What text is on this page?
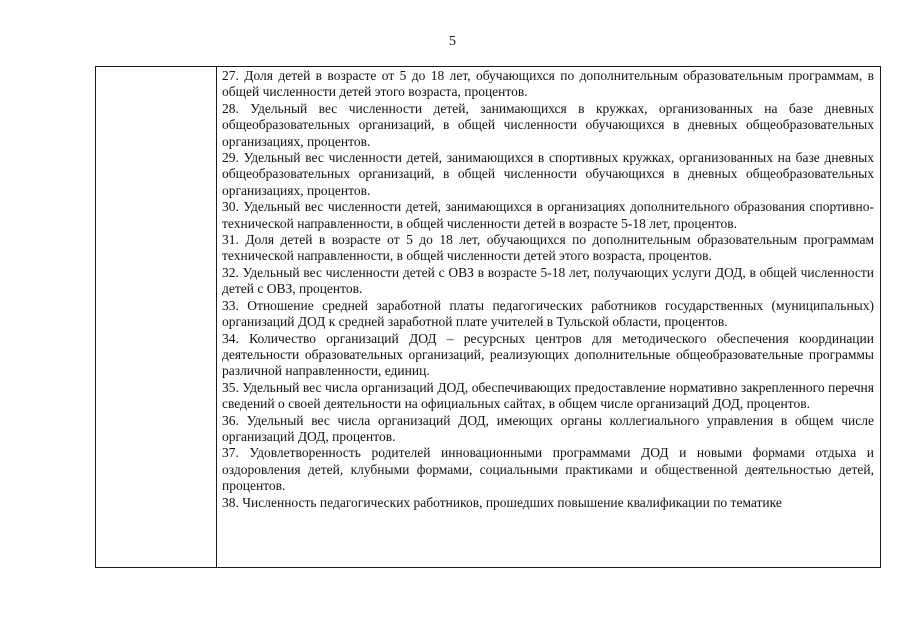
5

27. Доля детей в возрасте от 5 до 18 лет, обучающихся по дополнительным образовательным программам, в общей численности детей этого возраста, процентов.

28. Удельный вес численности детей, занимающихся в кружках, организованных на базе дневных общеобразовательных организаций, в общей численности обучающихся в дневных общеобразовательных организациях, процентов.

29. Удельный вес численности детей, занимающихся в спортивных кружках, организованных на базе дневных общеобразовательных организаций, в общей численности обучающихся в дневных общеобразовательных организациях, процентов.

30. Удельный вес численности детей, занимающихся в организациях дополнительного образования спортивно-технической направленности, в общей численности детей в возрасте 5-18 лет, процентов.

31. Доля детей в возрасте от 5 до 18 лет, обучающихся по дополнительным образовательным программам технической направленности, в общей численности детей этого возраста, процентов.

32. Удельный вес численности детей с ОВЗ в возрасте 5-18 лет, получающих услуги ДОД, в общей численности детей с ОВЗ, процентов.

33. Отношение средней заработной платы педагогических работников государственных (муниципальных) организаций ДОД к средней заработной плате учителей в Тульской области, процентов.

34. Количество организаций ДОД – ресурсных центров для методического обеспечения координации деятельности образовательных организаций, реализующих дополнительные общеобразовательные программы различной направленности, единиц.

35. Удельный вес числа организаций ДОД, обеспечивающих предоставление нормативно закрепленного перечня сведений о своей деятельности на официальных сайтах, в общем числе организаций ДОД, процентов.

36. Удельный вес числа организаций ДОД, имеющих органы коллегиального управления в общем числе организаций ДОД, процентов.

37. Удовлетворенность родителей инновационными программами ДОД и новыми формами отдыха и оздоровления детей, клубными формами, социальными практиками и общественной деятельностью детей, процентов.

38. Численность педагогических работников, прошедших повышение квалификации по тематике
